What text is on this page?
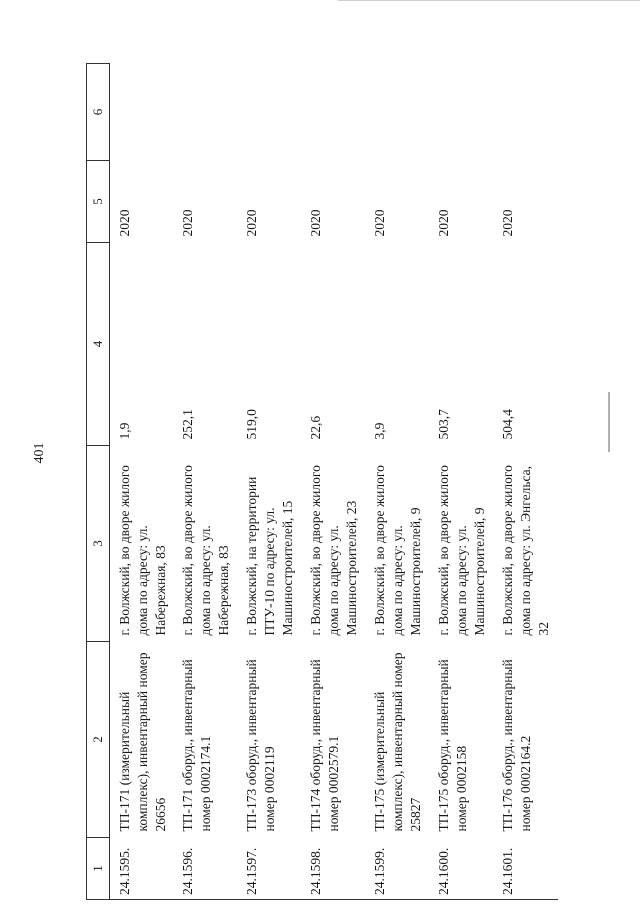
401
1	2	3	4	5	6
24.1595.	ТП-171 (измерительный комплекс), инвентарный номер 26656	г. Волжский, во дворе жилого дома по адресу: ул. Набережная, 83	1,9	2020	
24.1596.	ТП-171 оборуд., инвентарный номер 0002174.1	г. Волжский, во дворе жилого дома по адресу: ул. Набережная, 83	252,1	2020	
24.1597.	ТП-173 оборуд., инвентарный номер 0002119	г. Волжский, на территории ПТУ-10 по адресу: ул. Машиностроителей, 15	519,0	2020	
24.1598.	ТП-174 оборуд., инвентарный номер 0002579.1	г. Волжский, во дворе жилого дома по адресу: ул. Машиностроителей, 23	22,6	2020	
24.1599.	ТП-175 (измерительный комплекс), инвентарный номер 25827	г. Волжский, во дворе жилого дома по адресу: ул. Машиностроителей, 9	3,9	2020	
24.1600.	ТП-175 оборуд., инвентарный номер 0002158	г. Волжский, во дворе жилого дома по адресу: ул. Машиностроителей, 9	503,7	2020	
24.1601.	ТП-176 оборуд., инвентарный номер 0002164.2	г. Волжский, во дворе жилого дома по адресу: ул. Энгельса, 32	504,4	2020	
